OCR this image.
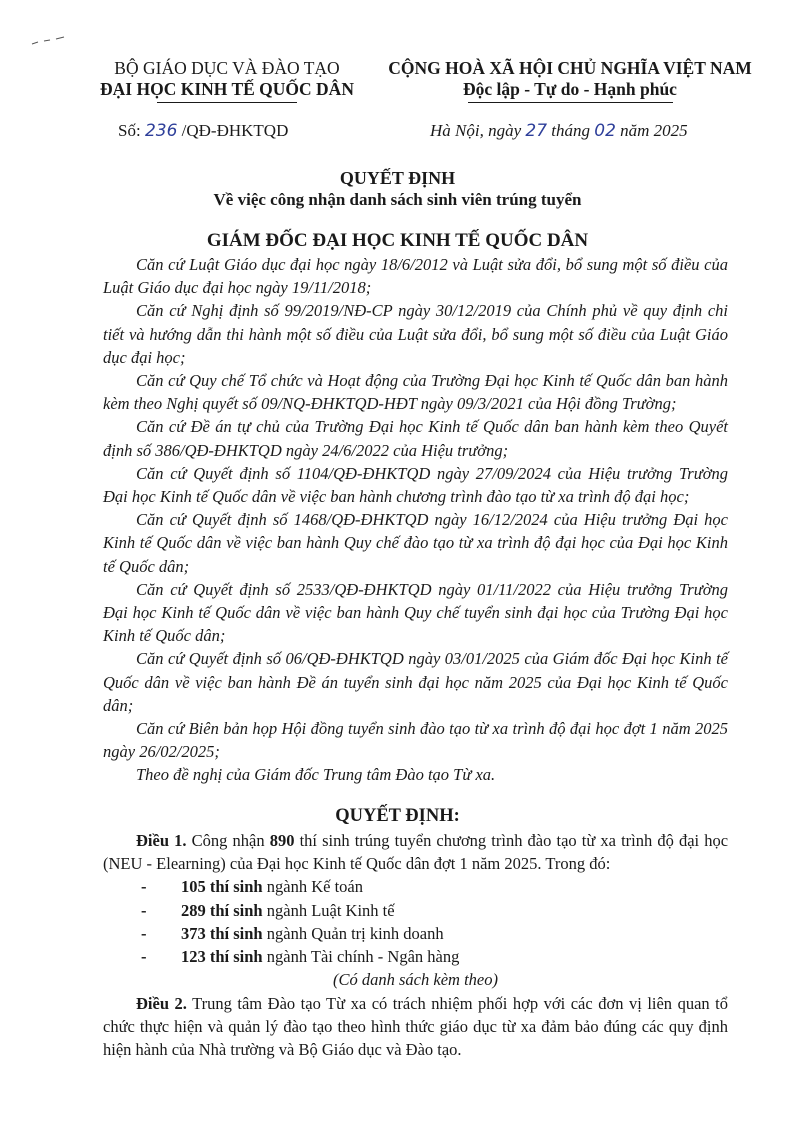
BỘ GIÁO DỤC VÀ ĐÀO TẠO
ĐẠI HỌC KINH TẾ QUỐC DÂN
CỘNG HOÀ XÃ HỘI CHỦ NGHĨA VIỆT NAM
Độc lập - Tự do - Hạnh phúc
Số: 236 /QĐ-ĐHKTQD	Hà Nội, ngày 27 tháng 02 năm 2025
QUYẾT ĐỊNH
Về việc công nhận danh sách sinh viên trúng tuyển
GIÁM ĐỐC ĐẠI HỌC KINH TẾ QUỐC DÂN

Căn cứ Luật Giáo dục đại học ngày 18/6/2012 và Luật sửa đổi, bổ sung một số điều của Luật Giáo dục đại học ngày 19/11/2018;

Căn cứ Nghị định số 99/2019/NĐ-CP ngày 30/12/2019 của Chính phủ về quy định chi tiết và hướng dẫn thi hành một số điều của Luật sửa đổi, bổ sung một số điều của Luật Giáo dục đại học;

Căn cứ Quy chế Tổ chức và Hoạt động của Trường Đại học Kinh tế Quốc dân ban hành kèm theo Nghị quyết số 09/NQ-ĐHKTQD-HĐT ngày 09/3/2021 của Hội đồng Trường;

Căn cứ Đề án tự chủ của Trường Đại học Kinh tế Quốc dân ban hành kèm theo Quyết định số 386/QĐ-ĐHKTQD ngày 24/6/2022 của Hiệu trưởng;

Căn cứ Quyết định số 1104/QĐ-ĐHKTQD ngày 27/09/2024 của Hiệu trưởng Trường Đại học Kinh tế Quốc dân về việc ban hành chương trình đào tạo từ xa trình độ đại học;

Căn cứ Quyết định số 1468/QĐ-ĐHKTQD ngày 16/12/2024 của Hiệu trưởng Đại học Kinh tế Quốc dân về việc ban hành Quy chế đào tạo từ xa trình độ đại học của Đại học Kinh tế Quốc dân;

Căn cứ Quyết định số 2533/QĐ-ĐHKTQD ngày 01/11/2022 của Hiệu trưởng Trường Đại học Kinh tế Quốc dân về việc ban hành Quy chế tuyển sinh đại học của Trường Đại học Kinh tế Quốc dân;

Căn cứ Quyết định số 06/QĐ-ĐHKTQD ngày 03/01/2025 của Giám đốc Đại học Kinh tế Quốc dân về việc ban hành Đề án tuyển sinh đại học năm 2025 của Đại học Kinh tế Quốc dân;

Căn cứ Biên bản họp Hội đồng tuyển sinh đào tạo từ xa trình độ đại học đợt 1 năm 2025 ngày 26/02/2025;

Theo đề nghị của Giám đốc Trung tâm Đào tạo Từ xa.

QUYẾT ĐỊNH:

Điều 1. Công nhận 890 thí sinh trúng tuyển chương trình đào tạo từ xa trình độ đại học (NEU - Elearning) của Đại học Kinh tế Quốc dân đợt 1 năm 2025. Trong đó:

-	105 thí sinh ngành Kế toán
-	289 thí sinh ngành Luật Kinh tế
-	373 thí sinh ngành Quản trị kinh doanh
-	123 thí sinh ngành Tài chính - Ngân hàng

(Có danh sách kèm theo)

Điều 2. Trung tâm Đào tạo Từ xa có trách nhiệm phối hợp với các đơn vị liên quan tổ chức thực hiện và quản lý đào tạo theo hình thức giáo dục từ xa đảm bảo đúng các quy định hiện hành của Nhà trường và Bộ Giáo dục và Đào tạo.
